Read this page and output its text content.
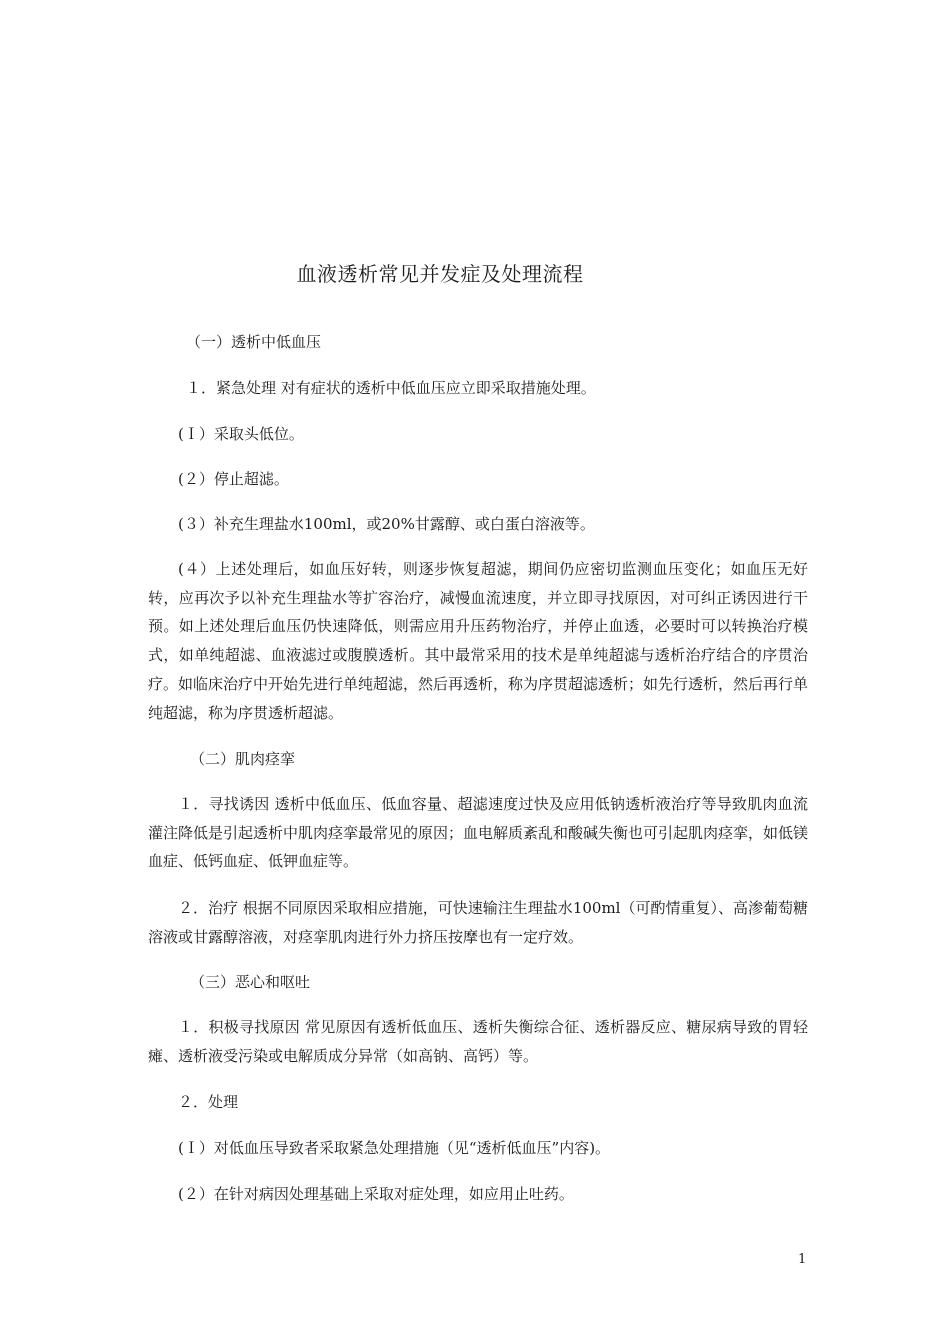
血液透析常见并发症及处理流程
（一）透析中低血压
１．紧急处理 对有症状的透析中低血压应立即采取措施处理。
(Ｉ）采取头低位。
(２）停止超滤。
(３）补充生理盐水100ml，或20%甘露醇、或白蛋白溶液等。
(４）上述处理后，如血压好转，则逐步恢复超滤，期间仍应密切监测血压变化；如血压无好转，应再次予以补充生理盐水等扩容治疗，减慢血流速度，并立即寻找原因，对可纠正诱因进行干预。如上述处理后血压仍快速降低，则需应用升压药物治疗，并停止血透，必要时可以转换治疗模式，如单纯超滤、血液滤过或腹膜透析。其中最常采用的技术是单纯超滤与透析治疗结合的序贯治疗。如临床治疗中开始先进行单纯超滤，然后再透析，称为序贯超滤透析；如先行透析，然后再行单纯超滤，称为序贯透析超滤。
（二）肌肉痉挛
１．寻找诱因 透析中低血压、低血容量、超滤速度过快及应用低钠透析液治疗等导致肌肉血流灌注降低是引起透析中肌肉痉挛最常见的原因；血电解质紊乱和酸碱失衡也可引起肌肉痉挛，如低镁血症、低钙血症、低钾血症等。
２．治疗 根据不同原因采取相应措施，可快速输注生理盐水100ml（可酌情重复）、高渗葡萄糖溶液或甘露醇溶液，对痉挛肌肉进行外力挤压按摩也有一定疗效。
（三）恶心和呕吐
１．积极寻找原因 常见原因有透析低血压、透析失衡综合征、透析器反应、糖尿病导致的胃轻瘫、透析液受污染或电解质成分异常（如高钠、高钙）等。
２．处理
(Ｉ）对低血压导致者采取紧急处理措施（见“透析低血压”内容)。
(２）在针对病因处理基础上采取对症处理，如应用止吐药。
1
